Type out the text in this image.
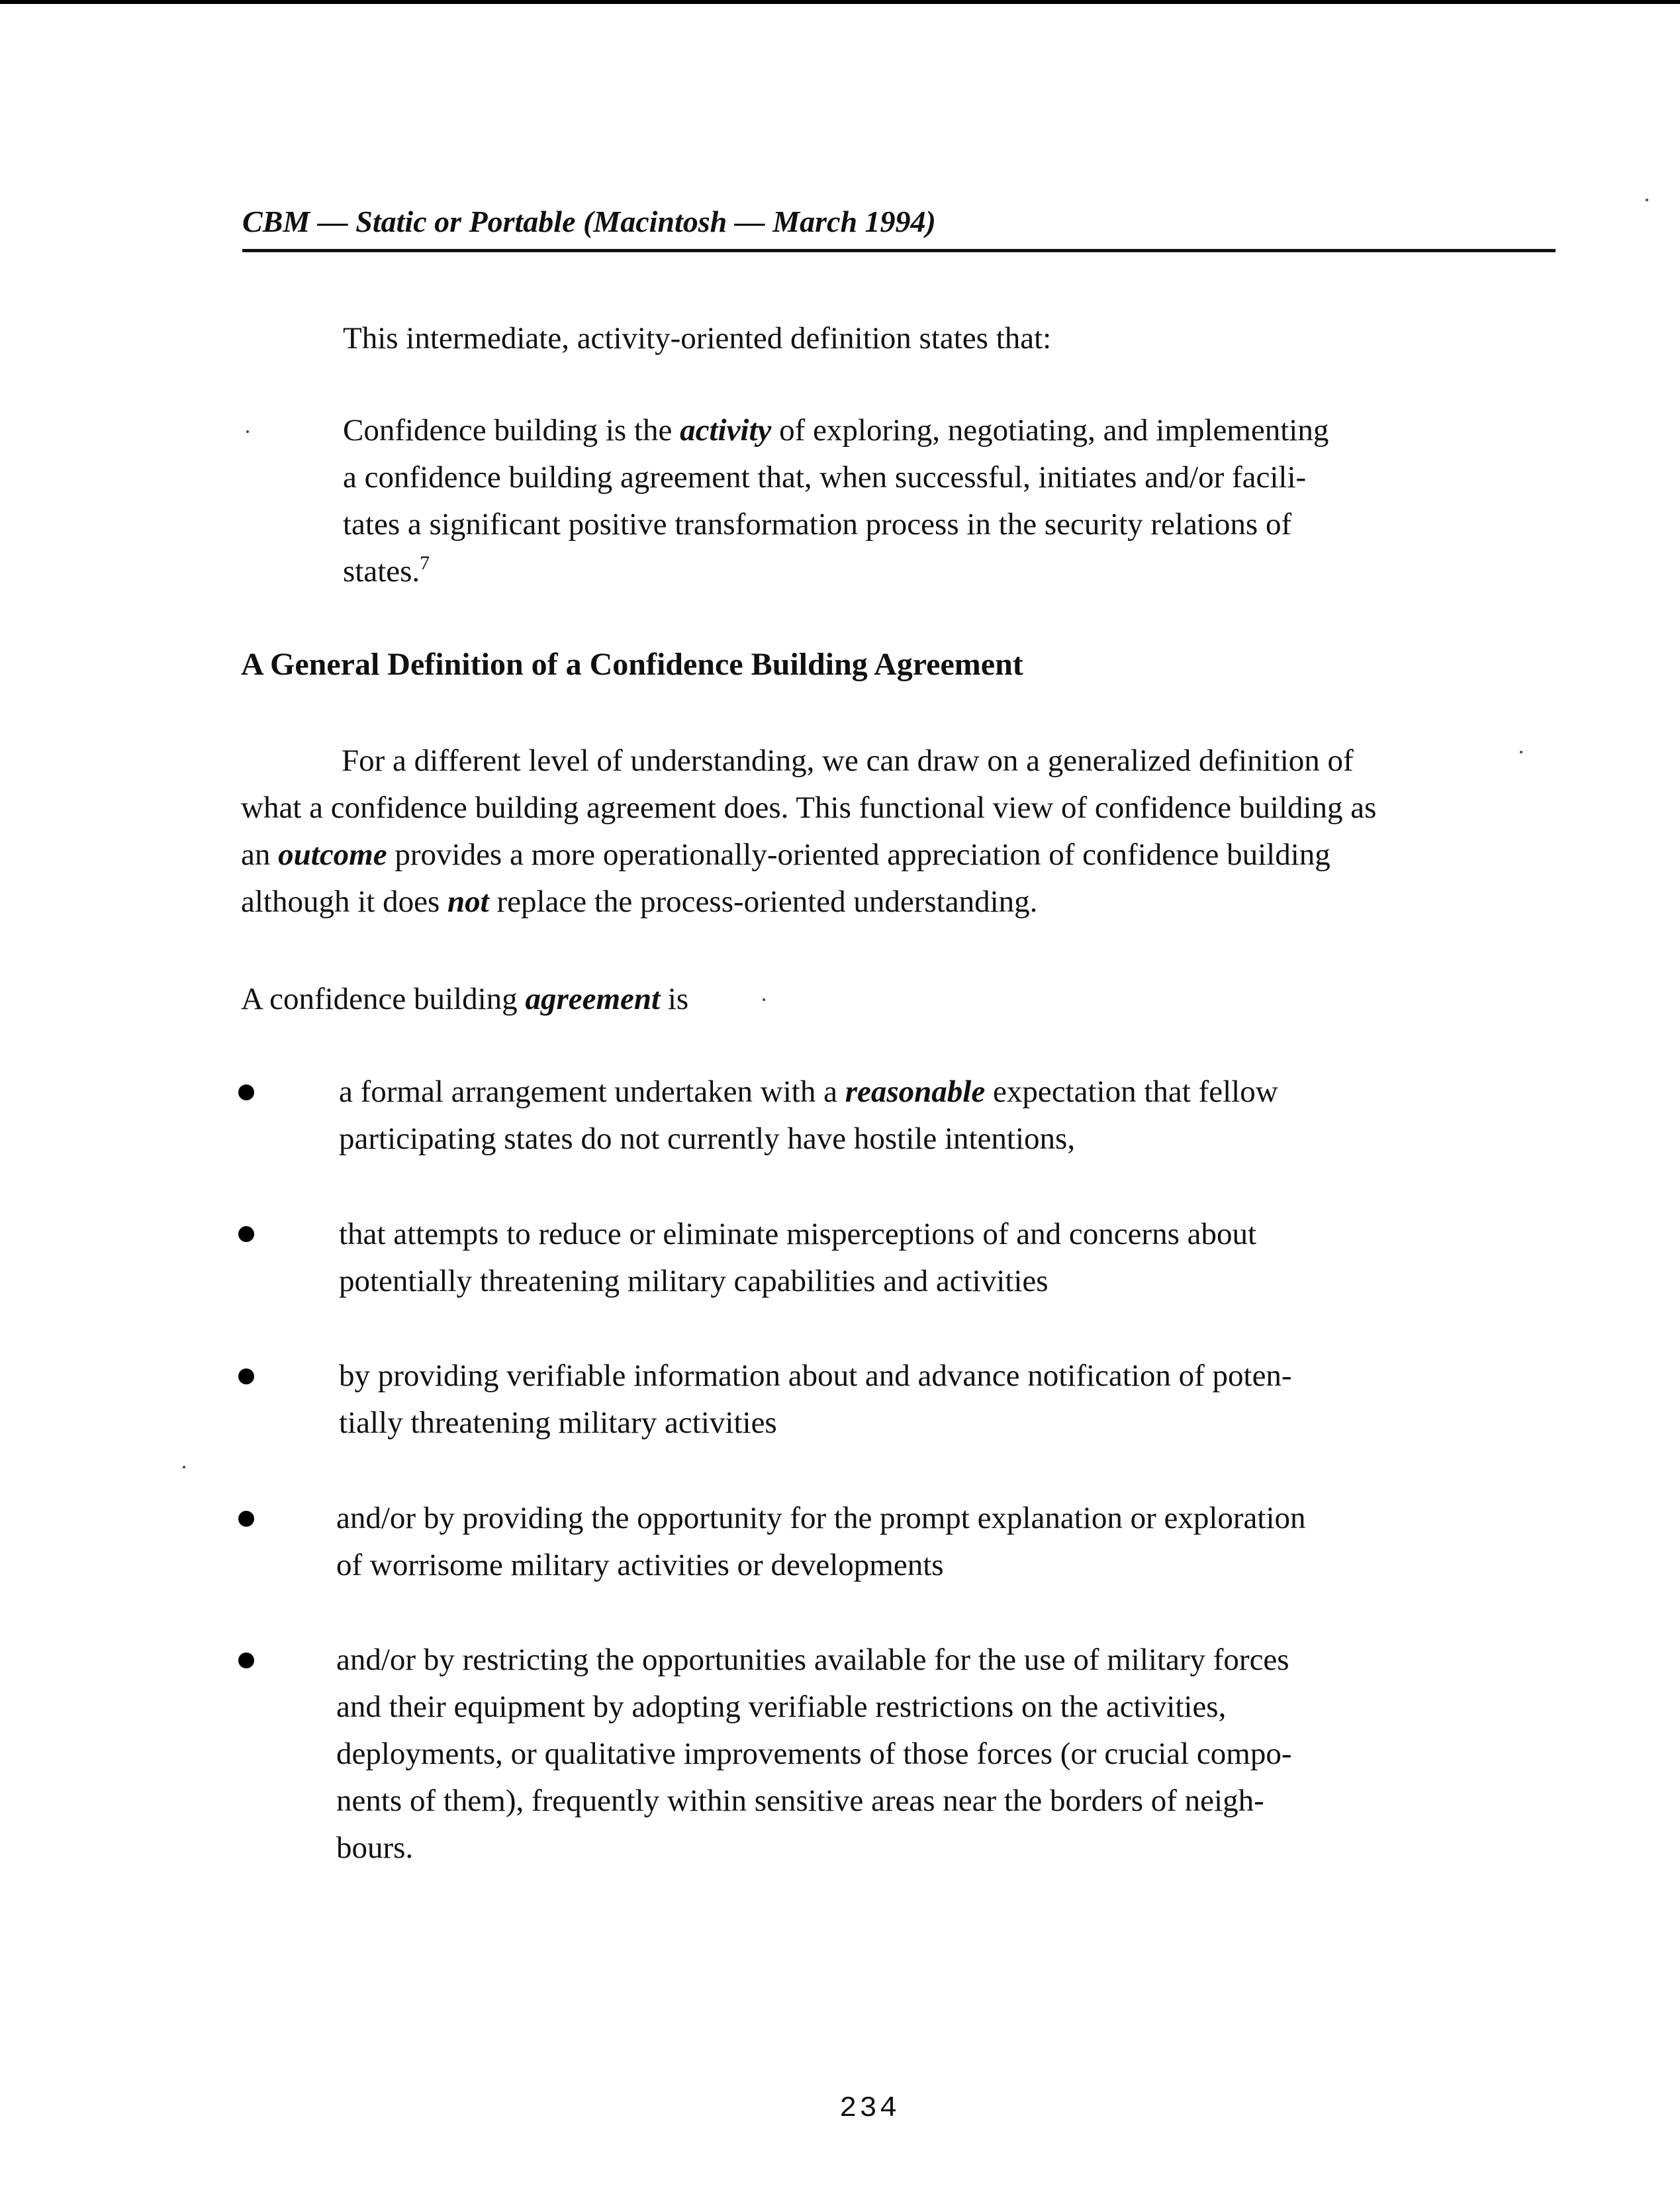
CBM — Static or Portable (Macintosh — March 1994)
This intermediate, activity-oriented definition states that:
Confidence building is the activity of exploring, negotiating, and implementing
a confidence building agreement that, when successful, initiates and/or facili-
tates a significant positive transformation process in the security relations of
states.$^7$
A General Definition of a Confidence Building Agreement
For a different level of understanding, we can draw on a generalized definition of
what a confidence building agreement does. This functional view of confidence building as
an outcome provides a more operationally-oriented appreciation of confidence building
although it does not replace the process-oriented understanding.
A confidence building agreement is
a formal arrangement undertaken with a reasonable expectation that fellow
participating states do not currently have hostile intentions,
that attempts to reduce or eliminate misperceptions of and concerns about
potentially threatening military capabilities and activities
by providing verifiable information about and advance notification of poten-
tially threatening military activities
and/or by providing the opportunity for the prompt explanation or exploration
of worrisome military activities or developments
and/or by restricting the opportunities available for the use of military forces
and their equipment by adopting verifiable restrictions on the activities,
deployments, or qualitative improvements of those forces (or crucial compo-
nents of them), frequently within sensitive areas near the borders of neigh-
bours.
234
